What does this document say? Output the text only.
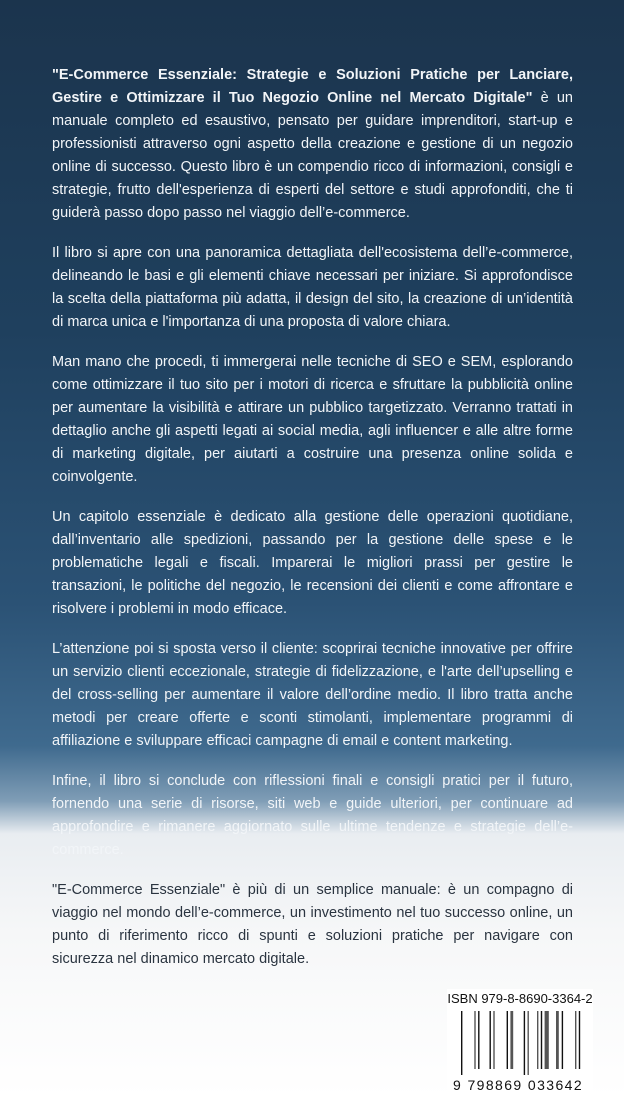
"E-Commerce Essenziale: Strategie e Soluzioni Pratiche per Lanciare, Gestire e Ottimizzare il Tuo Negozio Online nel Mercato Digitale" è un manuale completo ed esaustivo, pensato per guidare imprenditori, start-up e professionisti attraverso ogni aspetto della creazione e gestione di un negozio online di successo. Questo libro è un compendio ricco di informazioni, consigli e strategie, frutto dell'esperienza di esperti del settore e studi approfonditi, che ti guiderà passo dopo passo nel viaggio dell’e-commerce.

Il libro si apre con una panoramica dettagliata dell'ecosistema dell’e-commerce, delineando le basi e gli elementi chiave necessari per iniziare. Si approfondisce la scelta della piattaforma più adatta, il design del sito, la creazione di un’identità di marca unica e l'importanza di una proposta di valore chiara.

Man mano che procedi, ti immergerai nelle tecniche di SEO e SEM, esplorando come ottimizzare il tuo sito per i motori di ricerca e sfruttare la pubblicità online per aumentare la visibilità e attirare un pubblico targetizzato. Verranno trattati in dettaglio anche gli aspetti legati ai social media, agli influencer e alle altre forme di marketing digitale, per aiutarti a costruire una presenza online solida e coinvolgente.

Un capitolo essenziale è dedicato alla gestione delle operazioni quotidiane, dall’inventario alle spedizioni, passando per la gestione delle spese e le problematiche legali e fiscali. Imparerai le migliori prassi per gestire le transazioni, le politiche del negozio, le recensioni dei clienti e come affrontare e risolvere i problemi in modo efficace.

L’attenzione poi si sposta verso il cliente: scoprirai tecniche innovative per offrire un servizio clienti eccezionale, strategie di fidelizzazione, e l'arte dell’upselling e del cross-selling per aumentare il valore dell’ordine medio. Il libro tratta anche metodi per creare offerte e sconti stimolanti, implementare programmi di affiliazione e sviluppare efficaci campagne di email e content marketing.

Infine, il libro si conclude con riflessioni finali e consigli pratici per il futuro, fornendo una serie di risorse, siti web e guide ulteriori, per continuare ad approfondire e rimanere aggiornato sulle ultime tendenze e strategie dell’e-commerce.

"E-Commerce Essenziale" è più di un semplice manuale: è un compagno di viaggio nel mondo dell’e-commerce, un investimento nel tuo successo online, un punto di riferimento ricco di spunti e soluzioni pratiche per navigare con sicurezza nel dinamico mercato digitale.
ISBN 979-8-8690-3364-2
9 798869 033642
